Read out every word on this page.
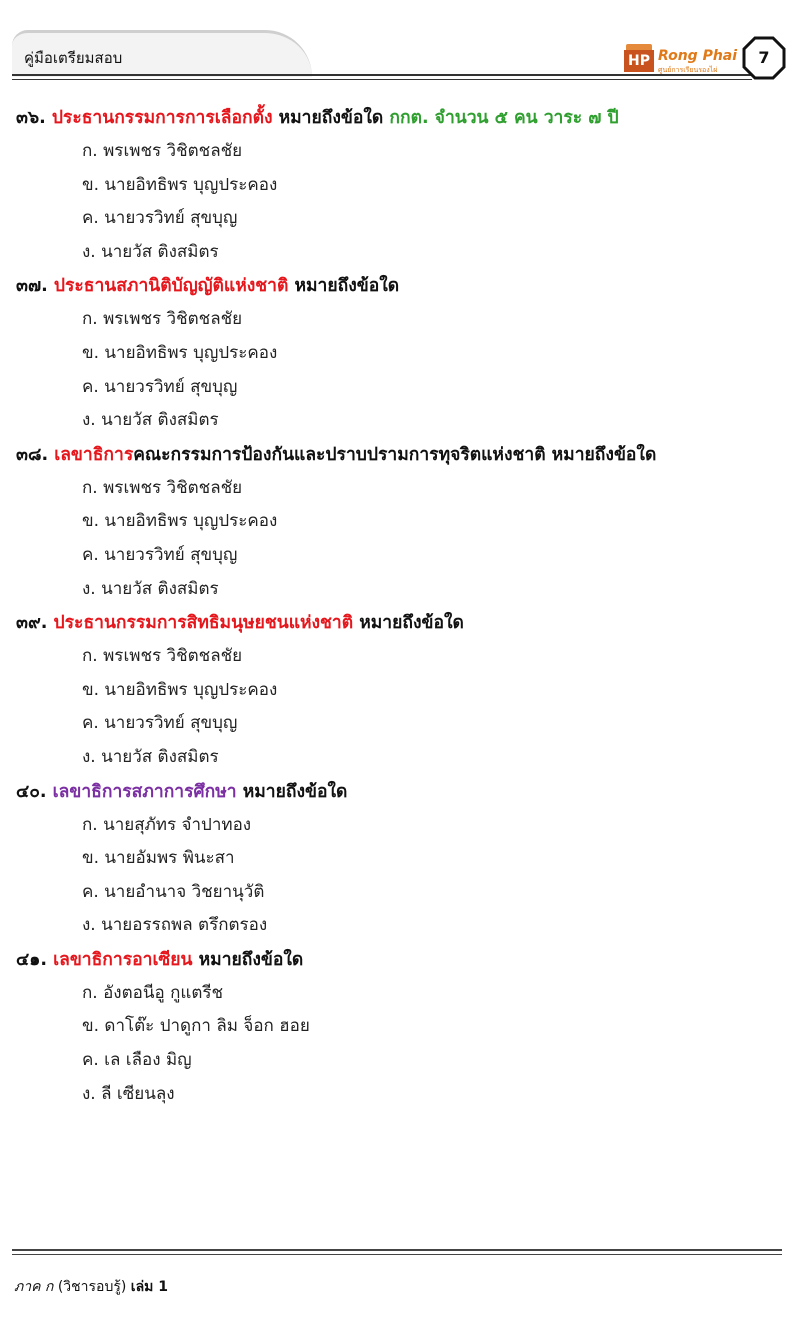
คู่มือเตรียมสอบ	HP Rong Phai
ศูนย์การเรียนรองไผ่
7
๓๖. ประธานกรรมการการเลือกตั้ง หมายถึงข้อใด กกต. จำนวน ๕ คน วาระ ๗ ปี
ก. พรเพชร วิชิตชลชัย
ข. นายอิทธิพร บุญประคอง
ค. นายวรวิทย์ สุขบุญ
ง. นายวัส ติงสมิตร
๓๗. ประธานสภานิติบัญญัติแห่งชาติ หมายถึงข้อใด
ก. พรเพชร วิชิตชลชัย
ข. นายอิทธิพร บุญประคอง
ค. นายวรวิทย์ สุขบุญ
ง. นายวัส ติงสมิตร
๓๘. เลขาธิการคณะกรรมการป้องกันและปราบปรามการทุจริตแห่งชาติ หมายถึงข้อใด
ก. พรเพชร วิชิตชลชัย
ข. นายอิทธิพร บุญประคอง
ค. นายวรวิทย์ สุขบุญ
ง. นายวัส ติงสมิตร
๓๙. ประธานกรรมการสิทธิมนุษยชนแห่งชาติ หมายถึงข้อใด
ก. พรเพชร วิชิตชลชัย
ข. นายอิทธิพร บุญประคอง
ค. นายวรวิทย์ สุขบุญ
ง. นายวัส ติงสมิตร
๔๐. เลขาธิการสภาการศึกษา หมายถึงข้อใด
ก. นายสุภัทร จำปาทอง
ข. นายอัมพร พินะสา
ค. นายอำนาจ วิชยานุวัติ
ง. นายอรรถพล ตรึกตรอง
๔๑. เลขาธิการอาเซียน หมายถึงข้อใด
ก. อังตอนีอู กูแตรีช
ข. ดาโต๊ะ ปาดูกา ลิม จ็อก ฮอย
ค. เล เลือง มิญ
ง. ลี เซียนลุง
ภาค ก (วิชารอบรู้) เล่ม 1
